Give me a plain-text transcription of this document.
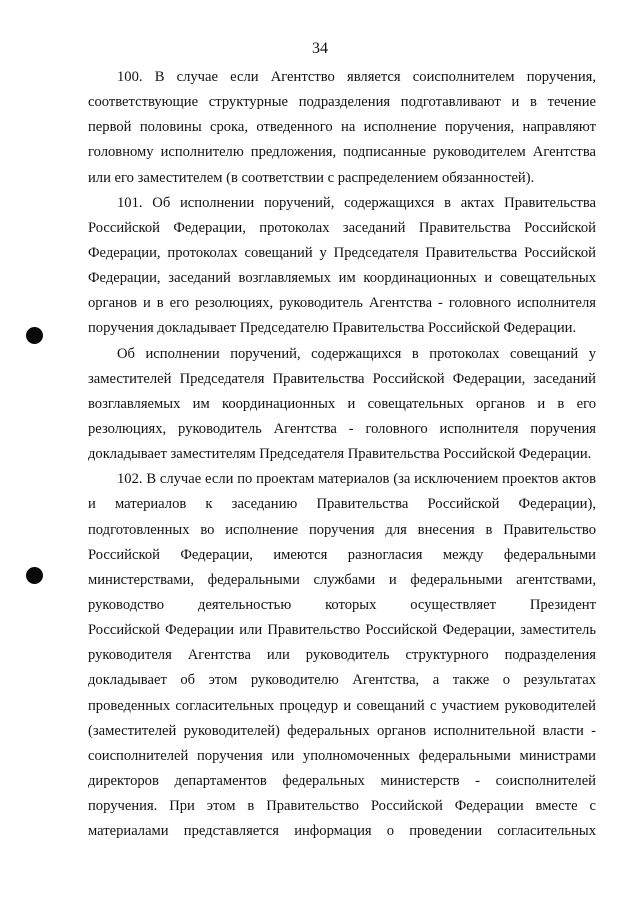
34
100. В случае если Агентство является соисполнителем поручения,
соответствующие структурные подразделения подготавливают и в течение
первой половины срока, отведенного на исполнение поручения, направляют
головному исполнителю предложения, подписанные руководителем Агентства
или его заместителем (в соответствии с распределением обязанностей).
101. Об исполнении поручений, содержащихся в актах Правительства
Российской Федерации, протоколах заседаний Правительства Российской
Федерации, протоколах совещаний у Председателя Правительства Российской
Федерации, заседаний возглавляемых им координационных и совещательных
органов и в его резолюциях, руководитель Агентства - головного исполнителя
поручения докладывает Председателю Правительства Российской Федерации.
Об исполнении поручений, содержащихся в протоколах совещаний у
заместителей Председателя Правительства Российской Федерации, заседаний
возглавляемых им координационных и совещательных органов и в его
резолюциях, руководитель Агентства - головного исполнителя поручения
докладывает заместителям Председателя Правительства Российской Федерации.
102. В случае если по проектам материалов (за исключением проектов актов
и материалов к заседанию Правительства Российской Федерации),
подготовленных во исполнение поручения для внесения в Правительство
Российской Федерации, имеются разногласия между федеральными
министерствами, федеральными службами и федеральными агентствами,
руководство деятельностью которых осуществляет Президент
Российской Федерации или Правительство Российской Федерации, заместитель
руководителя Агентства или руководитель структурного подразделения
докладывает об этом руководителю Агентства, а также о результатах
проведенных согласительных процедур и совещаний с участием руководителей
(заместителей руководителей) федеральных органов исполнительной власти -
соисполнителей поручения или уполномоченных федеральными министрами
директоров департаментов федеральных министерств - соисполнителей
поручения. При этом в Правительство Российской Федерации вместе с
материалами представляется информация о проведении согласительных
